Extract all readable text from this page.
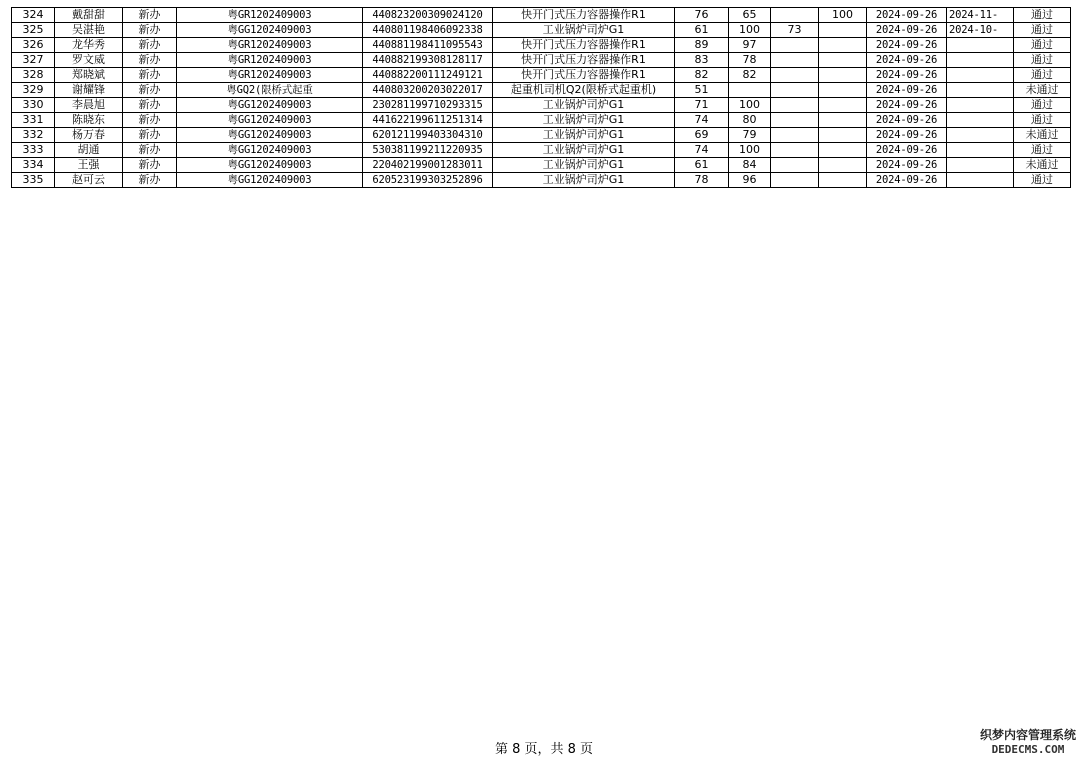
324	戴甜甜	新办	粤GR1202409003	440823200309024120	快开门式压力容器操作R1	76	65		100	2024-09-26	2024-11-	通过
325	吴湛艳	新办	粤GG1202409003	440801198406092338	工业锅炉司炉G1	61	100	73		2024-09-26	2024-10-	通过
326	龙华秀	新办	粤GR1202409003	440881198411095543	快开门式压力容器操作R1	89	97			2024-09-26		通过
327	罗文威	新办	粤GR1202409003	440882199308128117	快开门式压力容器操作R1	83	78			2024-09-26		通过
328	郑晓斌	新办	粤GR1202409003	440882200111249121	快开门式压力容器操作R1	82	82			2024-09-26		通过
329	谢耀锋	新办	粤GQ2(限桥式起重	440803200203022017	起重机司机Q2(限桥式起重机)	51				2024-09-26		未通过
330	李晨旭	新办	粤GG1202409003	230281199710293315	工业锅炉司炉G1	71	100			2024-09-26		通过
331	陈晓东	新办	粤GG1202409003	441622199611251314	工业锅炉司炉G1	74	80			2024-09-26		通过
332	杨万春	新办	粤GG1202409003	620121199403304310	工业锅炉司炉G1	69	79			2024-09-26		未通过
333	胡通	新办	粤GG1202409003	530381199211220935	工业锅炉司炉G1	74	100			2024-09-26		通过
334	王强	新办	粤GG1202409003	220402199001283011	工业锅炉司炉G1	61	84			2024-09-26		未通过
335	赵可云	新办	粤GG1202409003	620523199303252896	工业锅炉司炉G1	78	96			2024-09-26		通过
第 8 页，共 8 页
织梦内容管理系统
DEDECMS.COM
